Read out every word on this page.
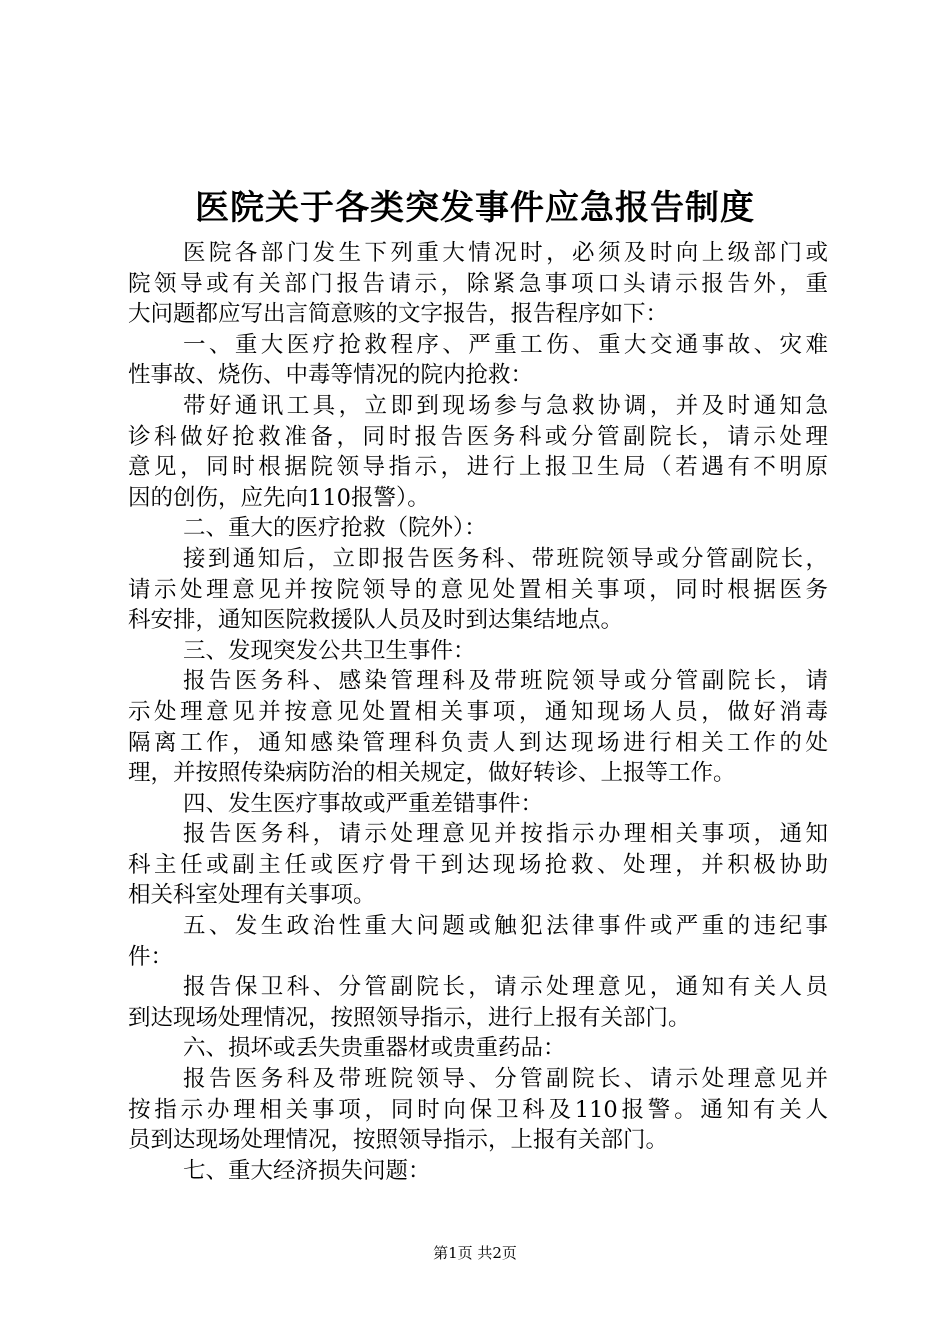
医院关于各类突发事件应急报告制度
医院各部门发生下列重大情况时，必须及时向上级部门或
院领导或有关部门报告请示，除紧急事项口头请示报告外，重
大问题都应写出言简意赅的文字报告，报告程序如下：
一、重大医疗抢救程序、严重工伤、重大交通事故、灾难
性事故、烧伤、中毒等情况的院内抢救：
带好通讯工具，立即到现场参与急救协调，并及时通知急
诊科做好抢救准备，同时报告医务科或分管副院长，请示处理
意见，同时根据院领导指示，进行上报卫生局（若遇有不明原
因的创伤，应先向110报警）。
二、重大的医疗抢救（院外）：
接到通知后，立即报告医务科、带班院领导或分管副院长，
请示处理意见并按院领导的意见处置相关事项，同时根据医务
科安排，通知医院救援队人员及时到达集结地点。
三、发现突发公共卫生事件：
报告医务科、感染管理科及带班院领导或分管副院长，请
示处理意见并按意见处置相关事项，通知现场人员，做好消毒
隔离工作，通知感染管理科负责人到达现场进行相关工作的处
理，并按照传染病防治的相关规定，做好转诊、上报等工作。
四、发生医疗事故或严重差错事件：
报告医务科，请示处理意见并按指示办理相关事项，通知
科主任或副主任或医疗骨干到达现场抢救、处理，并积极协助
相关科室处理有关事项。
五、发生政治性重大问题或触犯法律事件或严重的违纪事
件：
报告保卫科、分管副院长，请示处理意见，通知有关人员
到达现场处理情况，按照领导指示，进行上报有关部门。
六、损坏或丢失贵重器材或贵重药品：
报告医务科及带班院领导、分管副院长、请示处理意见并
按指示办理相关事项，同时向保卫科及110报警。通知有关人
员到达现场处理情况，按照领导指示，上报有关部门。
七、重大经济损失问题：
第1页 共2页
